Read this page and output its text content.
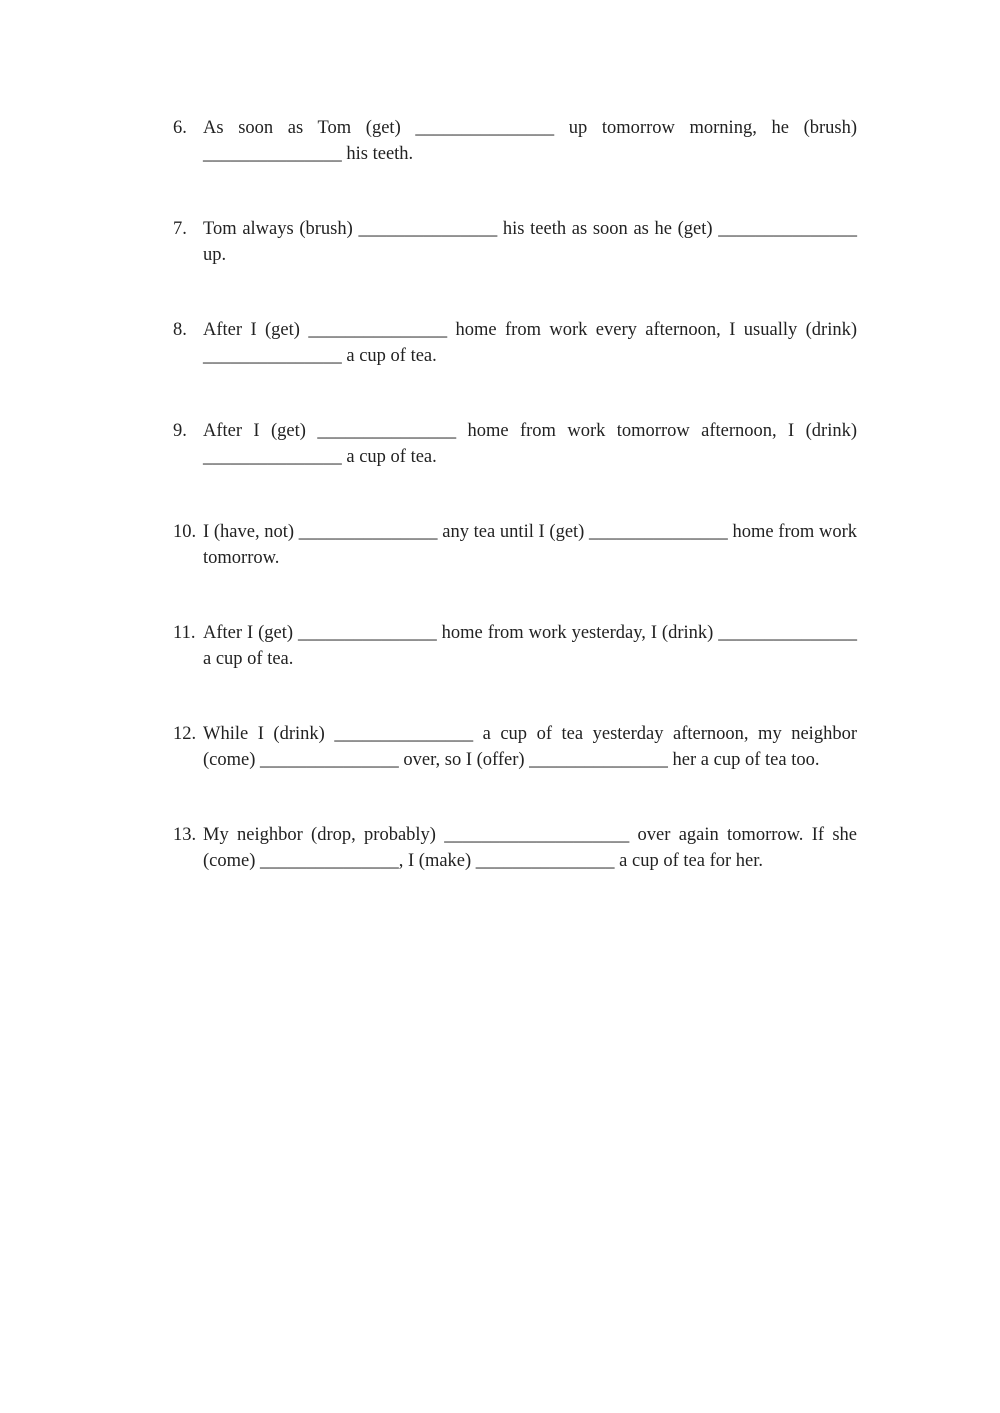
6. As soon as Tom (get) _______________ up tomorrow morning, he (brush) _______________ his teeth.
7. Tom always (brush) _______________ his teeth as soon as he (get) _______________ up.
8. After I (get) _______________ home from work every afternoon, I usually (drink) _______________ a cup of tea.
9. After I (get) _______________ home from work tomorrow afternoon, I (drink) _______________ a cup of tea.
10. I (have, not) _______________ any tea until I (get) _______________ home from work tomorrow.
11. After I (get) _______________ home from work yesterday, I (drink) _______________ a cup of tea.
12. While I (drink) _______________ a cup of tea yesterday afternoon, my neighbor (come) _______________ over, so I (offer) _______________ her a cup of tea too.
13. My neighbor (drop, probably) ____________________ over again tomorrow. If she (come) _______________, I (make) _______________ a cup of tea for her.
